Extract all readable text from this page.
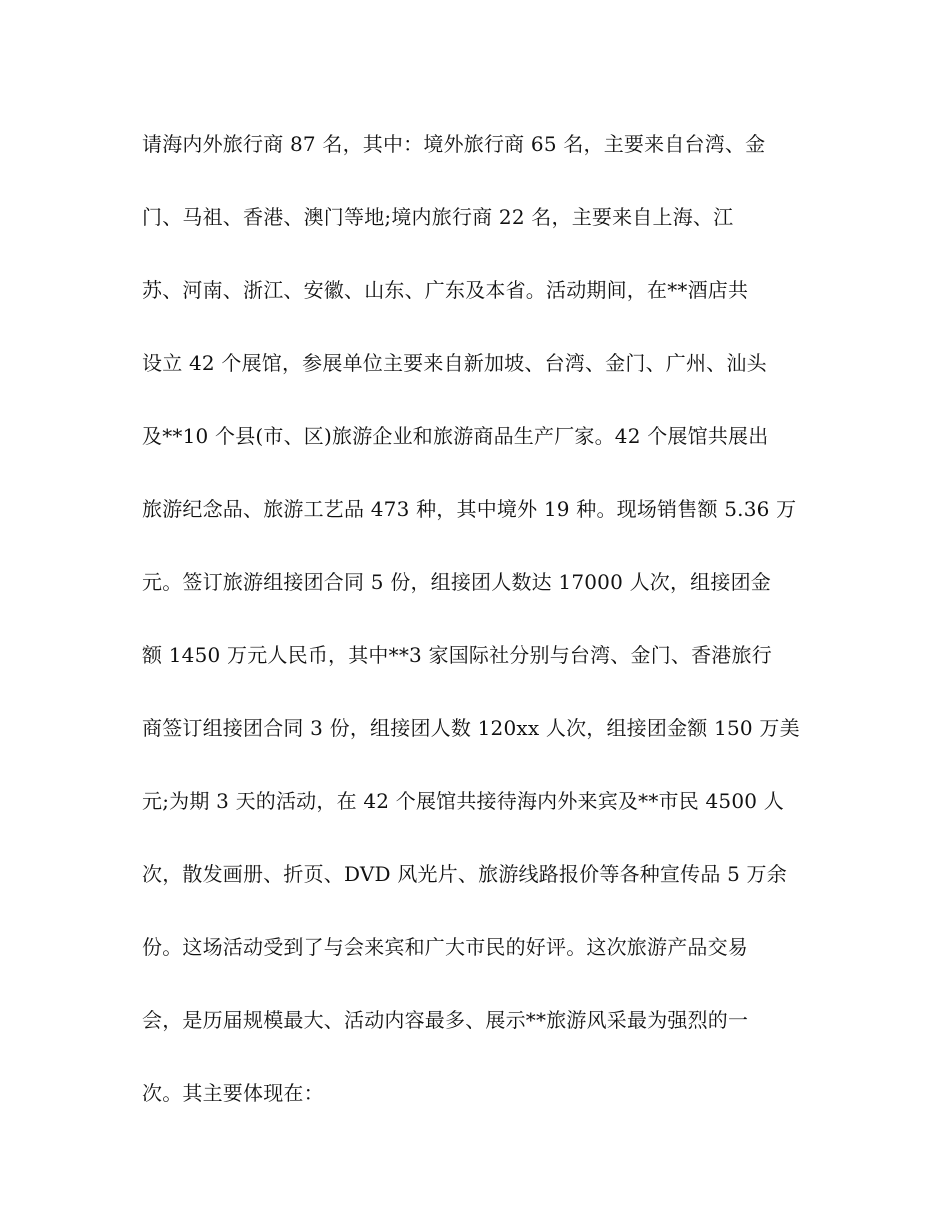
请海内外旅行商 87 名，其中：境外旅行商 65 名，主要来自台湾、金
门、马祖、香港、澳门等地;境内旅行商 22 名，主要来自上海、江
苏、河南、浙江、安徽、山东、广东及本省。活动期间，在**酒店共
设立 42 个展馆，参展单位主要来自新加坡、台湾、金门、广州、汕头
及**10 个县(市、区)旅游企业和旅游商品生产厂家。42 个展馆共展出
旅游纪念品、旅游工艺品 473 种，其中境外 19 种。现场销售额 5.36 万
元。签订旅游组接团合同 5 份，组接团人数达 17000 人次，组接团金
额 1450 万元人民币，其中**3 家国际社分别与台湾、金门、香港旅行
商签订组接团合同 3 份，组接团人数 120xx 人次，组接团金额 150 万美
元;为期 3 天的活动，在 42 个展馆共接待海内外来宾及**市民 4500 人
次，散发画册、折页、DVD 风光片、旅游线路报价等各种宣传品 5 万余
份。这场活动受到了与会来宾和广大市民的好评。这次旅游产品交易
会，是历届规模最大、活动内容最多、展示**旅游风采最为强烈的一
次。其主要体现在：
